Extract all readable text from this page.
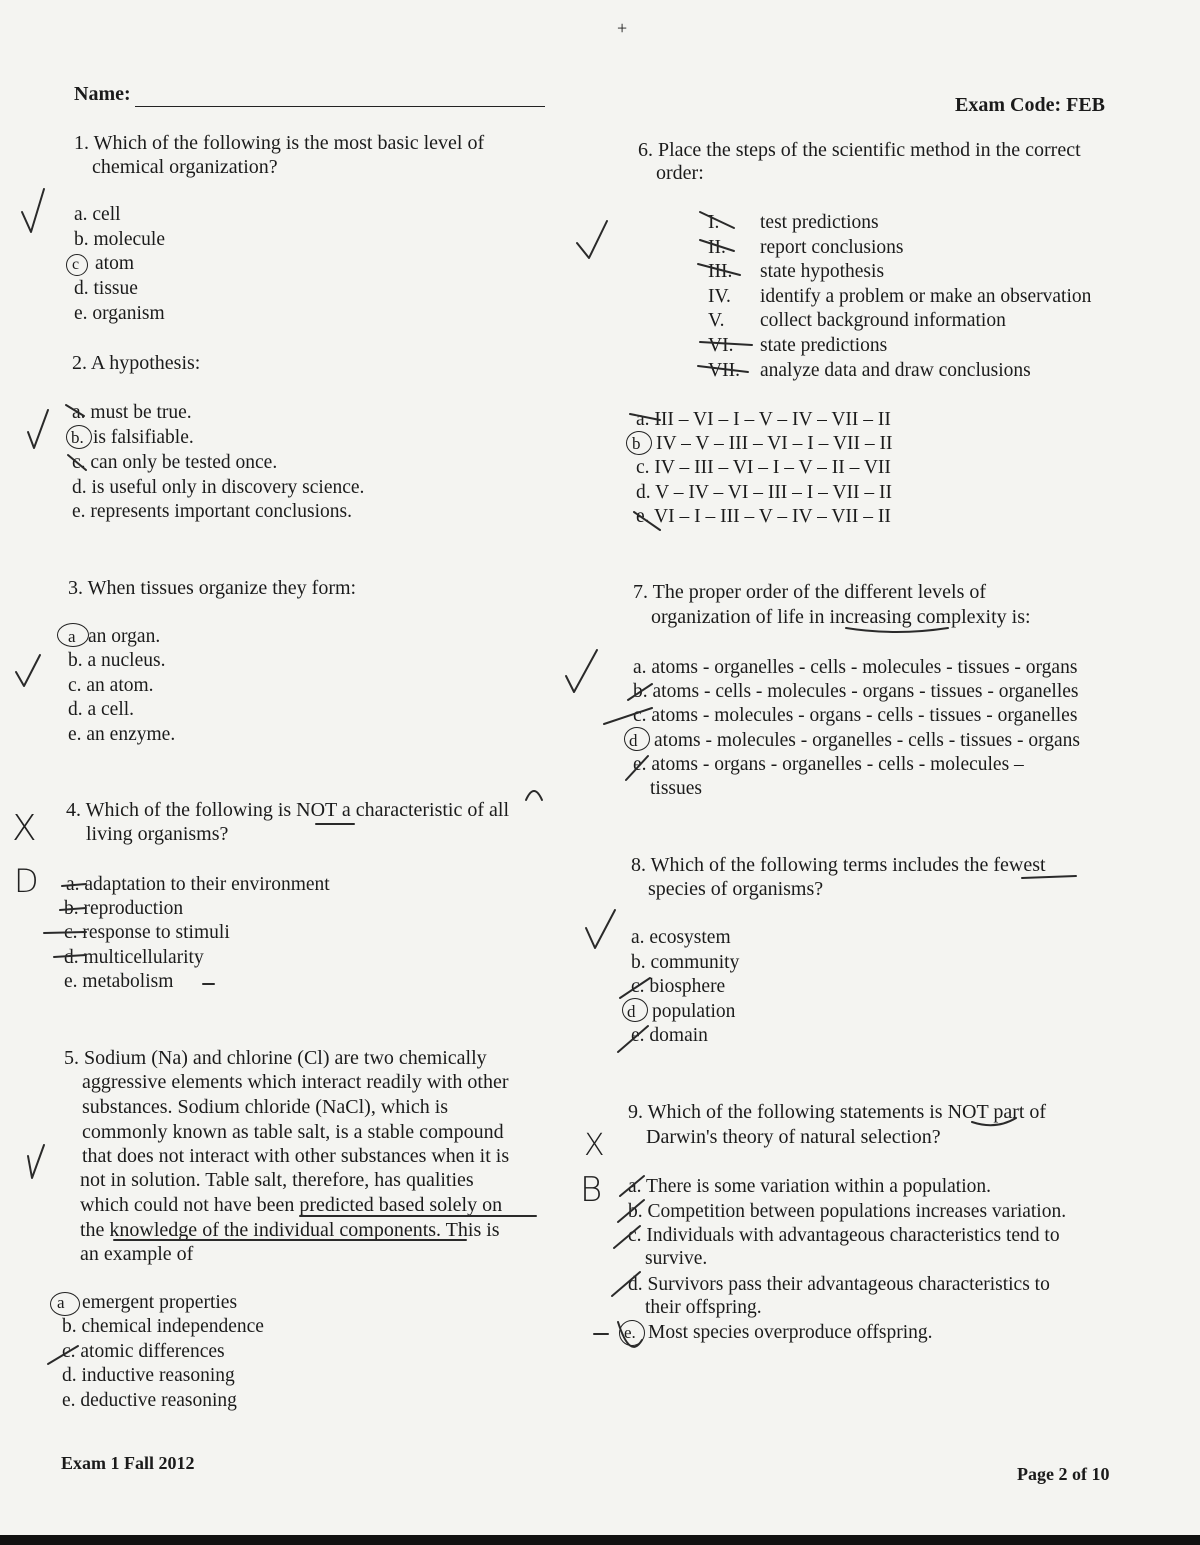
+
Name:	Exam Code: FEB
1. Which of the following is the most basic level of
chemical organization?
a. cell
b. molecule
c atom
d. tissue
e. organism
2. A hypothesis:
a. must be true.
b. is falsifiable.
c. can only be tested once.
d. is useful only in discovery science.
e. represents important conclusions.
3. When tissues organize they form:
a an organ.
b. a nucleus.
c. an atom.
d. a cell.
e. an enzyme.
4. Which of the following is NOT a characteristic of all
living organisms?
a. adaptation to their environment
b. reproduction
c. response to stimuli
d. multicellularity
e. metabolism
5. Sodium (Na) and chlorine (Cl) are two chemically
aggressive elements which interact readily with other
substances. Sodium chloride (NaCl), which is
commonly known as table salt, is a stable compound
that does not interact with other substances when it is
not in solution. Table salt, therefore, has qualities
which could not have been predicted based solely on
the knowledge of the individual components. This is
an example of
a emergent properties
b. chemical independence
c. atomic differences
d. inductive reasoning
e. deductive reasoning
6. Place the steps of the scientific method in the correct
order:
I.	test predictions
II.	report conclusions
III.	state hypothesis
IV.	identify a problem or make an observation
V.	collect background information
VI.	state predictions
VII.	analyze data and draw conclusions
a. III – VI – I – V – IV – VII – II
b IV – V – III – VI – I – VII – II
c. IV – III – VI – I – V – II – VII
d. V – IV – VI – III – I – VII – II
e. VI – I – III – V – IV – VII – II
7. The proper order of the different levels of
organization of life in increasing complexity is:
a. atoms - organelles - cells - molecules - tissues - organs
b. atoms - cells - molecules - organs - tissues - organelles
c. atoms - molecules - organs - cells - tissues - organelles
d atoms - molecules - organelles - cells - tissues - organs
e. atoms - organs - organelles - cells - molecules –
tissues
8. Which of the following terms includes the fewest
species of organisms?
a. ecosystem
b. community
c. biosphere
d population
e. domain
9. Which of the following statements is NOT part of
Darwin's theory of natural selection?
a. There is some variation within a population.
b. Competition between populations increases variation.
c. Individuals with advantageous characteristics tend to
survive.
d. Survivors pass their advantageous characteristics to
their offspring.
e. Most species overproduce offspring.
Exam 1 Fall 2012
Page 2 of 10
X
D
X
B
